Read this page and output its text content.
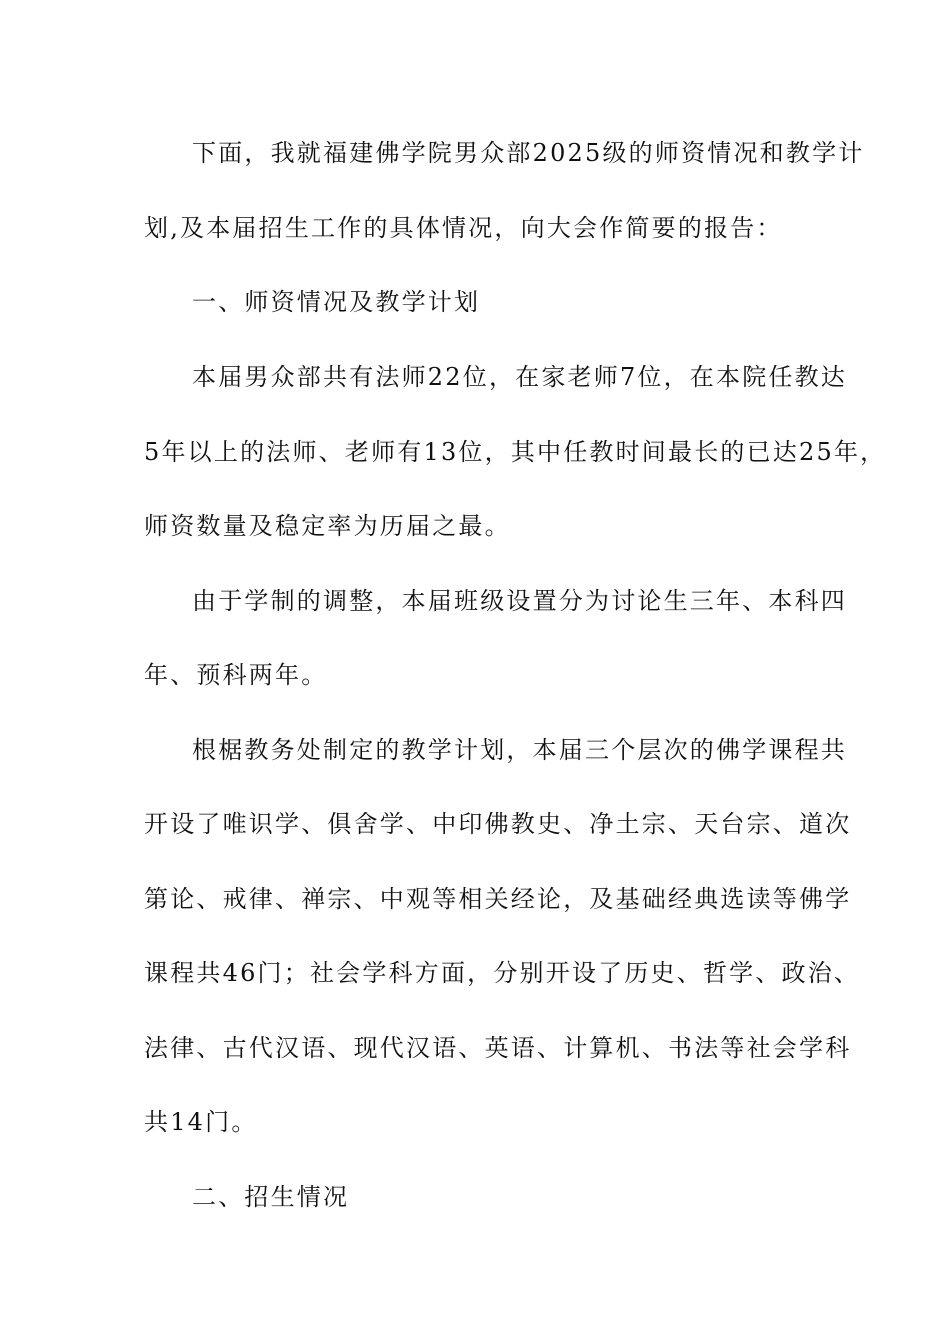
下面，我就福建佛学院男众部2025级的师资情况和教学计
划,及本届招生工作的具体情况，向大会作简要的报告：
一、师资情况及教学计划
本届男众部共有法师22位，在家老师7位，在本院任教达
5年以上的法师、老师有13位，其中任教时间最长的已达25年，
师资数量及稳定率为历届之最。
由于学制的调整，本届班级设置分为讨论生三年、本科四
年、预科两年。
根椐教务处制定的教学计划，本届三个层次的佛学课程共
开设了唯识学、俱舍学、中印佛教史、净土宗、天台宗、道次
第论、戒律、禅宗、中观等相关经论，及基础经典选读等佛学
课程共46门；社会学科方面，分别开设了历史、哲学、政治、
法律、古代汉语、现代汉语、英语、计算机、书法等社会学科
共14门。
二、招生情况
